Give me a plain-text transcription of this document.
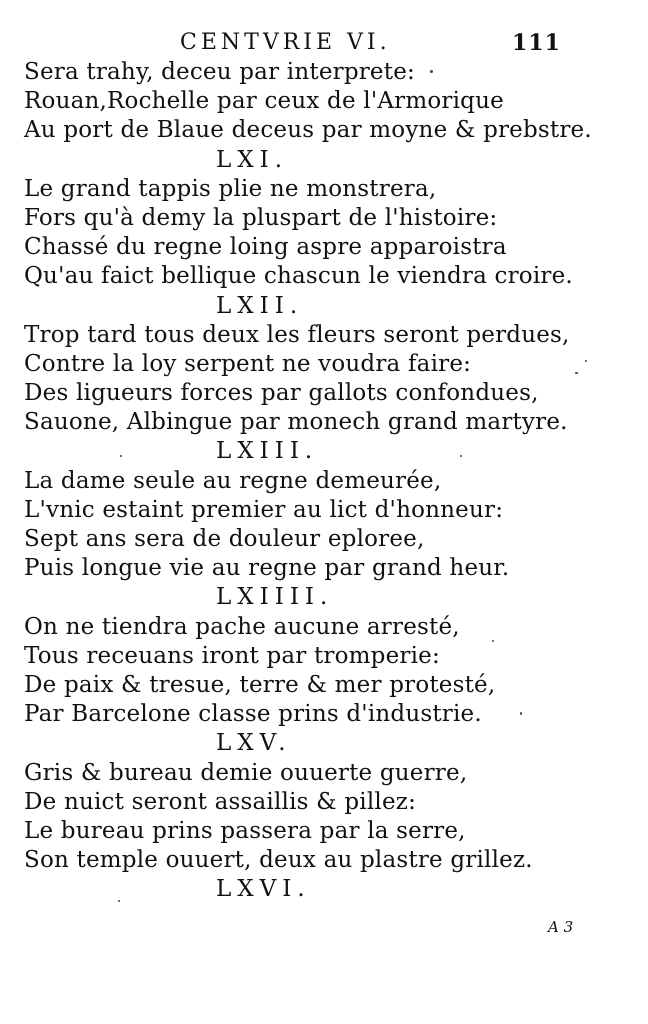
CENTVRIE VI.	111
Sera trahy, deceu par interprete:
Rouan,Rochelle par ceux de l'Armorique
Au port de Blaue deceus par moyne & prebstre.
LXI.
Le grand tappis plie ne monstrera,
Fors qu'à demy la pluspart de l'histoire:
Chassé du regne loing aspre apparoistra
Qu'au faict bellique chascun le viendra croire.
LXII.
Trop tard tous deux les fleurs seront perdues,
Contre la loy serpent ne voudra faire:
Des ligueurs forces par gallots confondues,
Sauone, Albingue par monech grand martyre.
LXIII.
La dame seule au regne demeurée,
L'vnic estaint premier au lict d'honneur:
Sept ans sera de douleur eploree,
Puis longue vie au regne par grand heur.
LXIIII.
On ne tiendra pache aucune arresté,
Tous receuans iront par tromperie:
De paix & tresue, terre & mer protesté,
Par Barcelone classe prins d'industrie.
LXV.
Gris & bureau demie ouuerte guerre,
De nuict seront assaillis & pillez:
Le bureau prins passera par la serre,
Son temple ouuert, deux au plastre grillez.
LXVI.
A 3
